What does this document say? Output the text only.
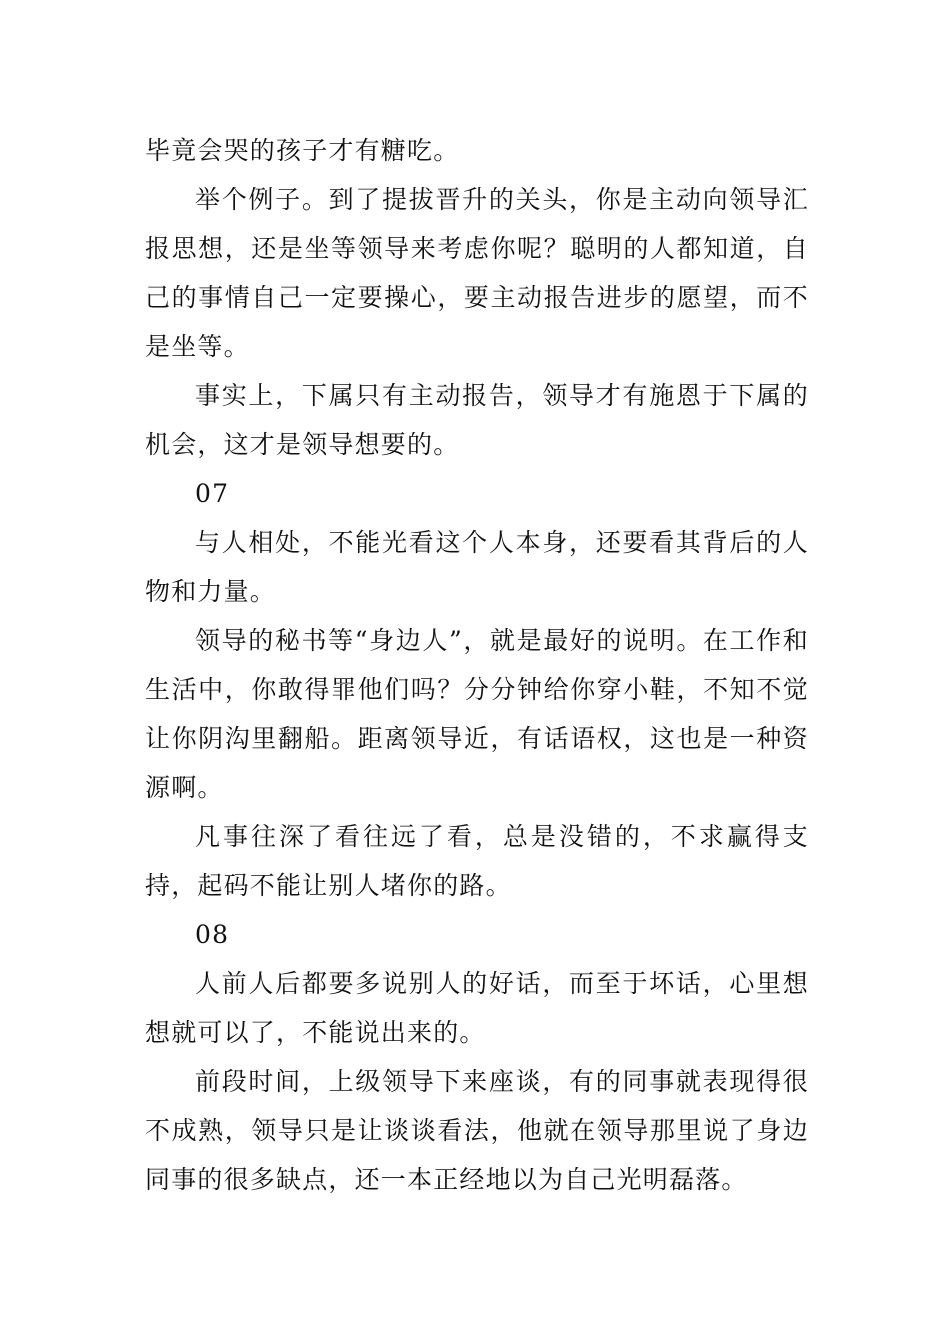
毕竟会哭的孩子才有糖吃。

举个例子。到了提拔晋升的关头，你是主动向领导汇报思想，还是坐等领导来考虑你呢？聪明的人都知道，自己的事情自己一定要操心，要主动报告进步的愿望，而不是坐等。

事实上，下属只有主动报告，领导才有施恩于下属的机会，这才是领导想要的。

07

与人相处，不能光看这个人本身，还要看其背后的人物和力量。

领导的秘书等“身边人”，就是最好的说明。在工作和生活中，你敢得罪他们吗？分分钟给你穿小鞋，不知不觉让你阴沟里翻船。距离领导近，有话语权，这也是一种资源啊。

凡事往深了看往远了看，总是没错的，不求赢得支持，起码不能让别人堵你的路。

08

人前人后都要多说别人的好话，而至于坏话，心里想想就可以了，不能说出来的。

前段时间，上级领导下来座谈，有的同事就表现得很不成熟，领导只是让谈谈看法，他就在领导那里说了身边同事的很多缺点，还一本正经地以为自己光明磊落。
